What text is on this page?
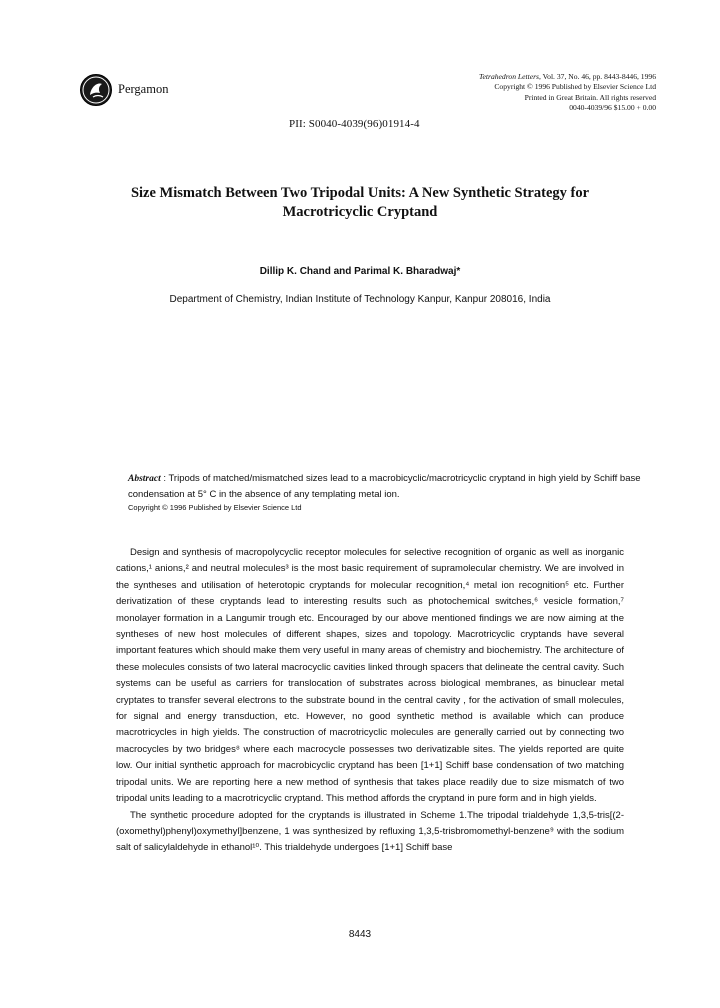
Pergamon
Tetrahedron Letters, Vol. 37, No. 46, pp. 8443-8446, 1996
Copyright © 1996 Published by Elsevier Science Ltd
Printed in Great Britain. All rights reserved
0040-4039/96 $15.00 + 0.00
PII: S0040-4039(96)01914-4
Size Mismatch Between Two Tripodal Units: A New Synthetic Strategy for
Macrotricyclic Cryptand
Dillip K. Chand and Parimal K. Bharadwaj*
Department of Chemistry, Indian Institute of Technology Kanpur, Kanpur 208016, India
Abstract : Tripods of matched/mismatched sizes lead to a macrobicyclic/macrotricyclic cryptand in high yield by Schiff base condensation at 5° C in the absence of any templating metal ion.
Copyright © 1996 Published by Elsevier Science Ltd

Design and synthesis of macropolycyclic receptor molecules for selective recognition of organic as well as inorganic cations,¹ anions,² and neutral molecules³ is the most basic requirement of supramolecular chemistry. We are involved in the syntheses and utilisation of heterotopic cryptands for molecular recognition,⁴ metal ion recognition⁵ etc. Further derivatization of these cryptands lead to interesting results such as photochemical switches,⁶ vesicle formation,⁷ monolayer formation in a Langumir trough etc. Encouraged by our above mentioned findings we are now aiming at the syntheses of new host molecules of different shapes, sizes and topology. Macrotricyclic cryptands have several important features which should make them very useful in many areas of chemistry and biochemistry. The architecture of these molecules consists of two lateral macrocyclic cavities linked through spacers that delineate the central cavity. Such systems can be useful as carriers for translocation of substrates across biological membranes, as binuclear metal cryptates to transfer several electrons to the substrate bound in the central cavity , for the activation of small molecules, for signal and energy transduction, etc. However, no good synthetic method is available which can produce macrotricycles in high yields. The construction of macrotricyclic molecules are generally carried out by connecting two macrocycles by two bridges⁸ where each macrocycle possesses two derivatizable sites. The yields reported are quite low. Our initial synthetic approach for macrobicyclic cryptand has been [1+1] Schiff base condensation of two matching tripodal units. We are reporting here a new method of synthesis that takes place readily due to size mismatch of two tripodal units leading to a macrotricyclic cryptand. This method affords the cryptand in pure form and in high yields.

The synthetic procedure adopted for the cryptands is illustrated in Scheme 1.The tripodal trialdehyde 1,3,5-tris[(2-(oxomethyl)phenyl)oxymethyl]benzene, 1 was synthesized by refluxing 1,3,5-trisbromomethyl-benzene⁹ with the sodium salt of salicylaldehyde in ethanol¹⁰. This trialdehyde undergoes [1+1] Schiff base

8443
